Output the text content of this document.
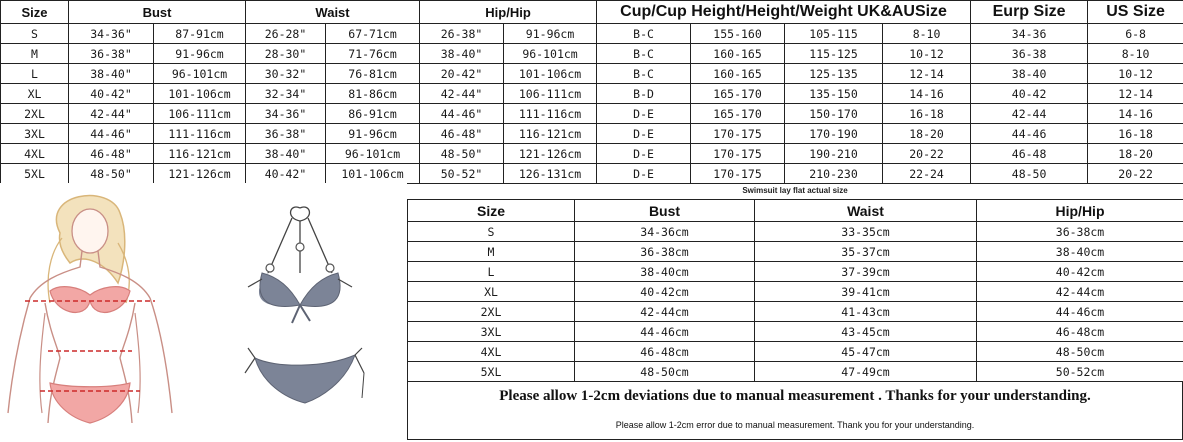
Size	Bust		Waist		Hip/Hip		Cup/Cup Height/Height/Weight UK&AUSize				Eurp Size	US Size
S	34-36"	87-91cm	26-28"	67-71cm	26-38"	91-96cm	B-C	155-160	105-115	8-10	34-36	6-8
M	36-38"	91-96cm	28-30"	71-76cm	38-40"	96-101cm	B-C	160-165	115-125	10-12	36-38	8-10
L	38-40"	96-101cm	30-32"	76-81cm	20-42"	101-106cm	B-C	160-165	125-135	12-14	38-40	10-12
XL	40-42"	101-106cm	32-34"	81-86cm	42-44"	106-111cm	B-D	165-170	135-150	14-16	40-42	12-14
2XL	42-44"	106-111cm	34-36"	86-91cm	44-46"	111-116cm	D-E	165-170	150-170	16-18	42-44	14-16
3XL	44-46"	111-116cm	36-38"	91-96cm	46-48"	116-121cm	D-E	170-175	170-190	18-20	44-46	16-18
4XL	46-48"	116-121cm	38-40"	96-101cm	48-50"	121-126cm	D-E	170-175	190-210	20-22	46-48	18-20
5XL	48-50"	121-126cm	40-42"	101-106cm	50-52"	126-131cm	D-E	170-175	210-230	22-24	48-50	20-22
Swimsuit lay flat actual size
Size	Bust	Waist	Hip/Hip
S	34-36cm	33-35cm	36-38cm
M	36-38cm	35-37cm	38-40cm
L	38-40cm	37-39cm	40-42cm
XL	40-42cm	39-41cm	42-44cm
2XL	42-44cm	41-43cm	44-46cm
3XL	44-46cm	43-45cm	46-48cm
4XL	46-48cm	45-47cm	48-50cm
5XL	48-50cm	47-49cm	50-52cm
Please allow 1-2cm deviations due to manual measurement . Thanks for your understanding.
Please allow 1-2cm error due to manual measurement. Thank you for your understanding.
